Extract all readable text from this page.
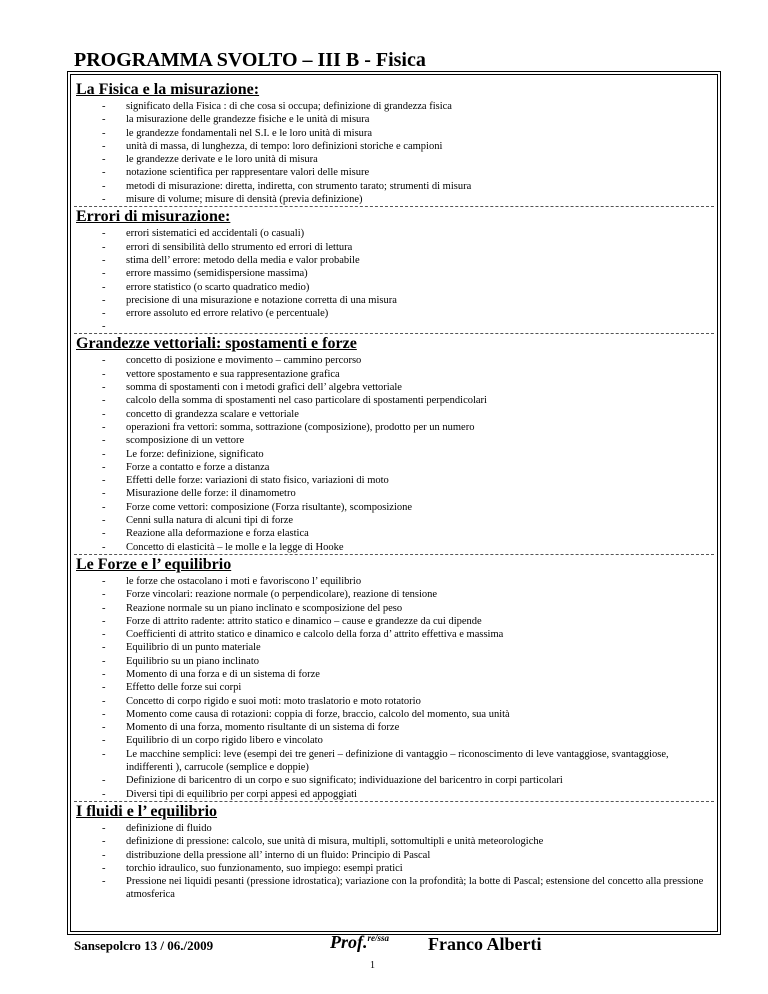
PROGRAMMA SVOLTO – III B - Fisica
La Fisica e la misurazione:
- significato della Fisica : di che cosa si occupa; definizione di grandezza fisica
- la misurazione delle grandezze fisiche e le unità di misura
- le grandezze fondamentali nel S.I. e le loro unità di misura
- unità di massa, di lunghezza, di tempo: loro definizioni storiche e campioni
- le grandezze derivate e le loro unità di misura
- notazione scientifica per rappresentare valori delle misure
- metodi di misurazione: diretta, indiretta, con strumento tarato; strumenti di misura
- misure di volume; misure di densità (previa definizione)
Errori di misurazione:
- errori sistematici ed accidentali (o casuali)
- errori di sensibilità dello strumento ed errori di lettura
- stima dell’ errore: metodo della media e valor probabile
- errore massimo (semidispersione massima)
- errore statistico (o scarto quadratico medio)
- precisione di una misurazione e notazione corretta di una misura
- errore assoluto ed errore relativo (e percentuale)
-
Grandezze vettoriali: spostamenti e forze
- concetto di posizione e movimento – cammino percorso
- vettore spostamento e sua rappresentazione grafica
- somma di spostamenti con i metodi grafici dell’ algebra vettoriale
- calcolo della somma di spostamenti nel caso particolare di spostamenti perpendicolari
- concetto di grandezza scalare e vettoriale
- operazioni fra vettori: somma, sottrazione (composizione), prodotto per un numero
- scomposizione di un vettore
- Le forze: definizione, significato
- Forze a contatto e forze a distanza
- Effetti delle forze: variazioni di stato fisico, variazioni di moto
- Misurazione delle forze: il dinamometro
- Forze come vettori: composizione (Forza risultante), scomposizione
- Cenni sulla natura di alcuni tipi di forze
- Reazione alla deformazione e forza elastica
- Concetto di elasticità – le molle e la legge di Hooke
Le Forze e l’ equilibrio
- le forze che ostacolano i moti e favoriscono l’ equilibrio
- Forze vincolari: reazione normale (o perpendicolare), reazione di tensione
- Reazione normale su un piano inclinato e scomposizione del peso
- Forze di attrito radente: attrito statico e dinamico – cause e grandezze da cui dipende
- Coefficienti di attrito statico e dinamico e calcolo della forza d’ attrito effettiva e massima
- Equilibrio di un punto materiale
- Equilibrio su un piano inclinato
- Momento di una forza e di un sistema di forze
- Effetto delle forze sui corpi
- Concetto di corpo rigido e suoi moti: moto traslatorio e moto rotatorio
- Momento come causa di rotazioni: coppia di forze, braccio, calcolo del momento, sua unità
- Momento di una forza, momento risultante di un sistema di forze
- Equilibrio di un corpo rigido libero e vincolato
- Le macchine semplici: leve (esempi dei tre generi – definizione di vantaggio – riconoscimento di leve vantaggiose, svantaggiose, indifferenti ), carrucole (semplice e doppie)
- Definizione di baricentro di un corpo e suo significato; individuazione del baricentro in corpi particolari
- Diversi tipi di equilibrio per corpi appesi ed appoggiati
I fluidi e l’ equilibrio
- definizione di fluido
- definizione di pressione: calcolo, sue unità di misura, multipli, sottomultipli e unità meteorologiche
- distribuzione della pressione all’ interno di un fluido: Principio di Pascal
- torchio idraulico, suo funzionamento, suo impiego: esempi pratici
- Pressione nei liquidi pesanti (pressione idrostatica); variazione con la profondità; la botte di Pascal; estensione del concetto alla pressione atmosferica
Sansepolcro 13 / 06./2009	Prof.$^{re/ssa}$ Franco Alberti
1
